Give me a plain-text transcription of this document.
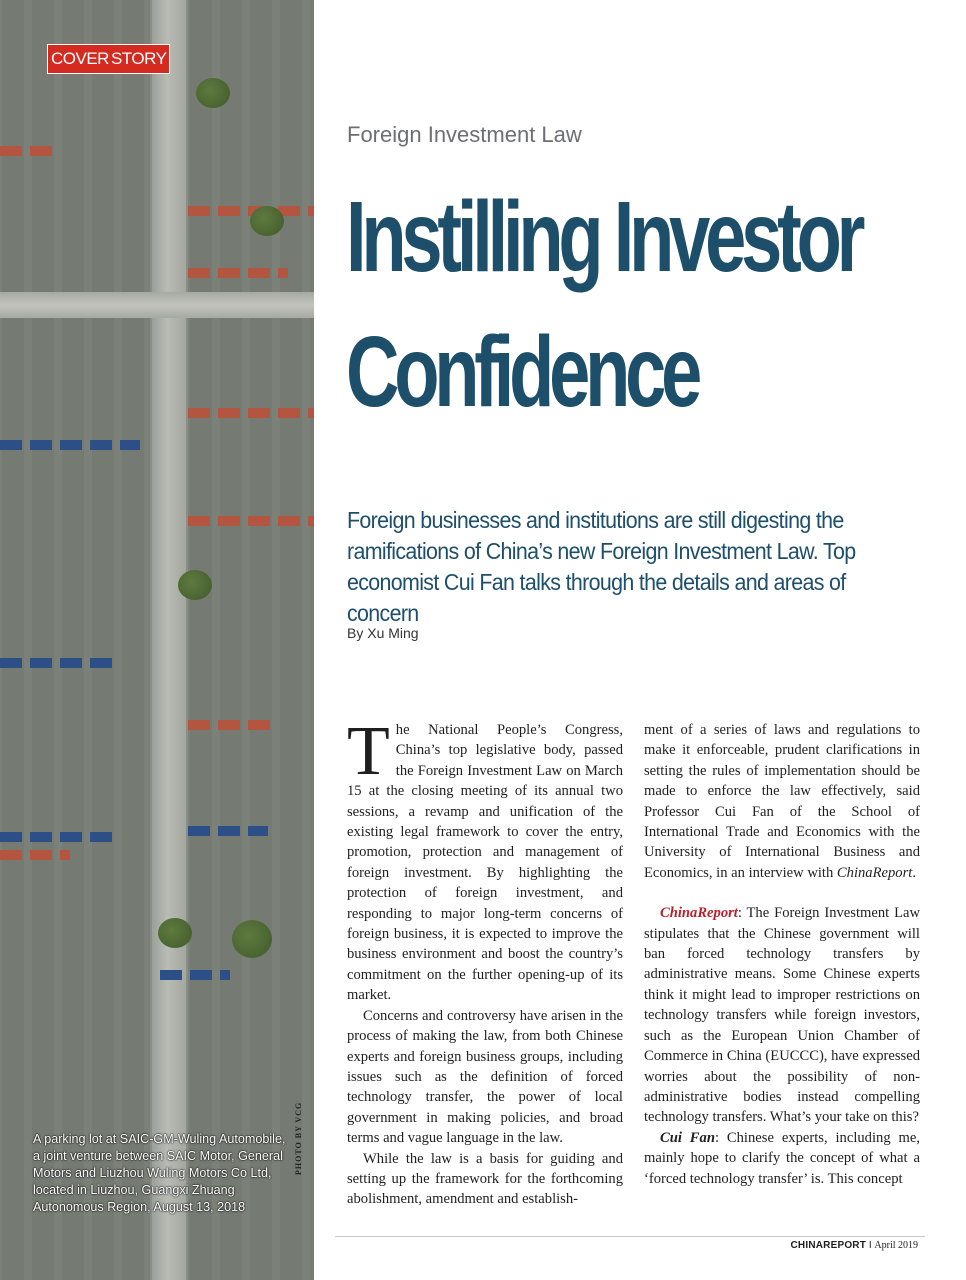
COVER STORY
A parking lot at SAIC-GM-Wuling Automobile, a joint venture between SAIC Motor, General Motors and Liuzhou Wuling Motors Co Ltd, located in Liuzhou, Guangxi Zhuang Autonomous Region, August 13, 2018
PHOTO BY VCG
Foreign Investment Law
Instilling Investor
Confidence
Foreign businesses and institutions are still digesting the ramifications of China’s new Foreign Investment Law. Top economist Cui Fan talks through the details and areas of concern
By Xu Ming

The National People’s Congress, China’s top legislative body, passed the Foreign Investment Law on March 15 at the closing meeting of its annual two sessions, a revamp and unification of the existing legal framework to cover the entry, promotion, protection and management of foreign investment. By highlighting the protection of foreign investment, and responding to major long-term concerns of foreign business, it is expected to improve the business environment and boost the country’s commitment on the further opening-up of its market.

Concerns and controversy have arisen in the process of making the law, from both Chinese experts and foreign business groups, including issues such as the definition of forced technology transfer, the power of local government in making policies, and broad terms and vague language in the law.

While the law is a basis for guiding and setting up the framework for the forthcoming abolishment, amendment and establish-

ment of a series of laws and regulations to make it enforceable, prudent clarifications in setting the rules of implementation should be made to enforce the law effectively, said Professor Cui Fan of the School of International Trade and Economics with the University of International Business and Economics, in an interview with ChinaReport.

ChinaReport: The Foreign Investment Law stipulates that the Chinese government will ban forced technology transfers by administrative means. Some Chinese experts think it might lead to improper restrictions on technology transfers while foreign investors, such as the European Union Chamber of Commerce in China (EUCCC), have expressed worries about the possibility of non-administrative bodies instead compelling technology transfers. What’s your take on this?

Cui Fan: Chinese experts, including me, mainly hope to clarify the concept of what a ‘forced technology transfer’ is. This concept

CHINAREPORT I April 2019
